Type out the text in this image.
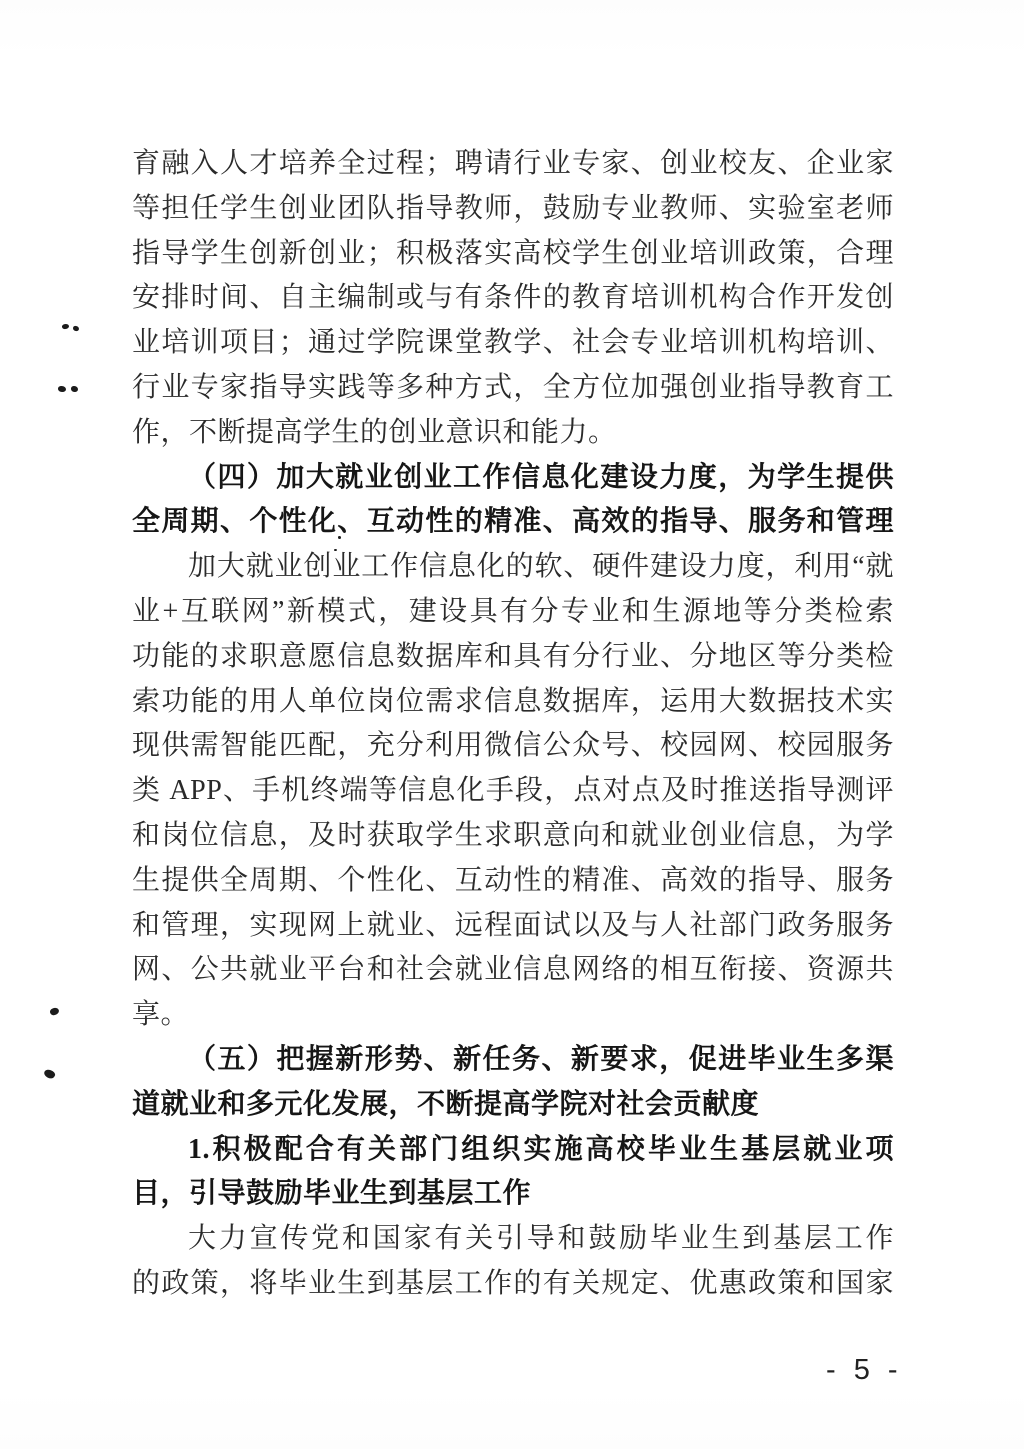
育融入人才培养全过程；聘请行业专家、创业校友、企业家
等担任学生创业团队指导教师，鼓励专业教师、实验室老师
指导学生创新创业；积极落实高校学生创业培训政策，合理
安排时间、自主编制或与有条件的教育培训机构合作开发创
业培训项目；通过学院课堂教学、社会专业培训机构培训、
行业专家指导实践等多种方式，全方位加强创业指导教育工
作，不断提高学生的创业意识和能力。
（四）加大就业创业工作信息化建设力度，为学生提供
全周期、个性化、互动性的精准、高效的指导、服务和管理
加大就业创业工作信息化的软、硬件建设力度，利用“就
业+互联网”新模式，建设具有分专业和生源地等分类检索
功能的求职意愿信息数据库和具有分行业、分地区等分类检
索功能的用人单位岗位需求信息数据库，运用大数据技术实
现供需智能匹配，充分利用微信公众号、校园网、校园服务
类 APP、手机终端等信息化手段，点对点及时推送指导测评
和岗位信息，及时获取学生求职意向和就业创业信息，为学
生提供全周期、个性化、互动性的精准、高效的指导、服务
和管理，实现网上就业、远程面试以及与人社部门政务服务
网、公共就业平台和社会就业信息网络的相互衔接、资源共
享。
（五）把握新形势、新任务、新要求，促进毕业生多渠
道就业和多元化发展，不断提高学院对社会贡献度
1.积极配合有关部门组织实施高校毕业生基层就业项
目，引导鼓励毕业生到基层工作
大力宣传党和国家有关引导和鼓励毕业生到基层工作
的政策，将毕业生到基层工作的有关规定、优惠政策和国家
- 5 -
